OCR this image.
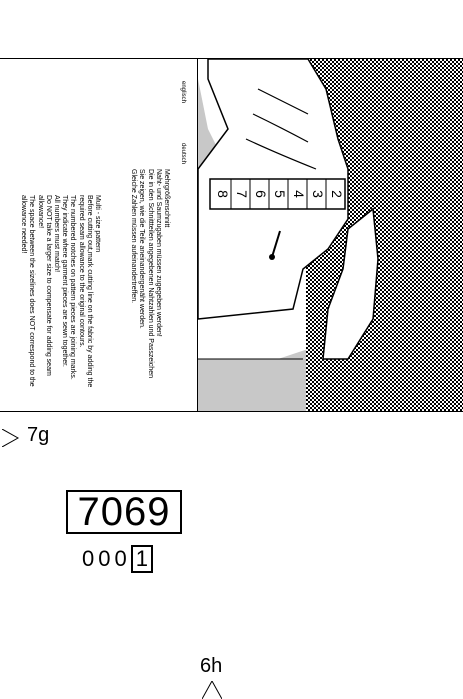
englisch
deutsch
Mehrgrößenschnitt
Naht- und Saumzugaben müssen zugegeben werden!
Die in den Schnittteilen angegebenen Nahtzahlen und Passzeichen
Sie zeigen, wie die Teile aneinandergenäht werden.
Gleiche Zahlen müssen aufeinandertreffen.
Multi - size pattern
Before cutting out,mark cutting line on the fabric by adding the
required seam allowance to the original contours.
The numbered notches on pattern pieces are joining marks.
They indicate where garment pieces are sewn together.
All numbers must match!
Do NOT take a larger size to compensate for adding seam allowance!
The space between the sizelines does NOT correspond to the
allowance needed!
8 7 6 5 4 3 2
7g
7069
000 1
6h
